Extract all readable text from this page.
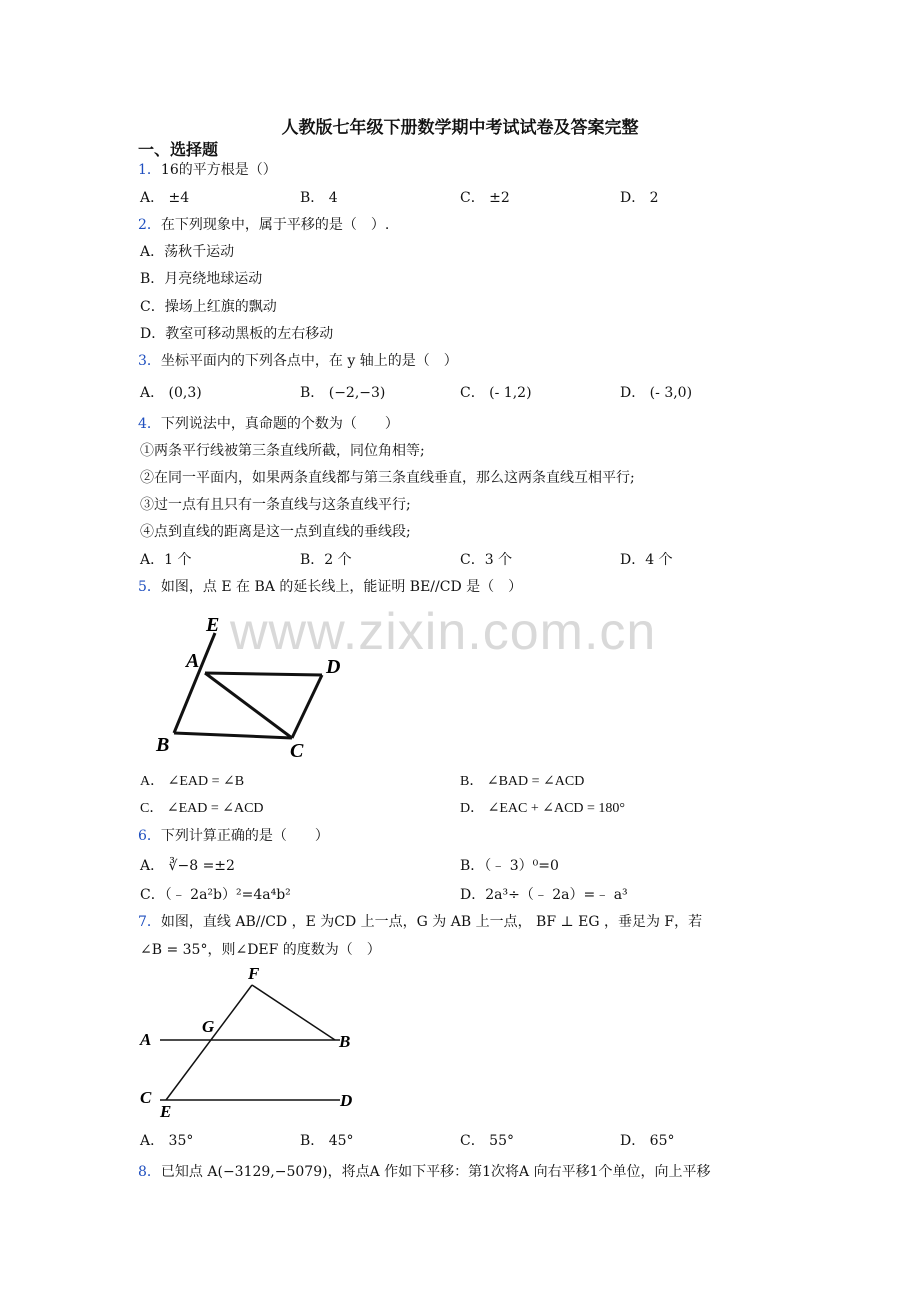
人教版七年级下册数学期中考试试卷及答案完整
一、选择题
www.zixin.com.cn
1．16的平方根是（）
A． ±4	B． 4	C． ±2	D． 2
2．在下列现象中，属于平移的是（　）.
A．荡秋千运动
B．月亮绕地球运动
C．操场上红旗的飘动
D．教室可移动黑板的左右移动
3．坐标平面内的下列各点中，在 y 轴上的是（　）
A． (0,3)	B． (−2,−3)	C． (- 1,2)	D． (- 3,0)
4．下列说法中，真命题的个数为（　　）
①两条平行线被第三条直线所截，同位角相等;
②在同一平面内，如果两条直线都与第三条直线垂直，那么这两条直线互相平行;
③过一点有且只有一条直线与这条直线平行;
④点到直线的距离是这一点到直线的垂线段;
A．1 个	B．2 个	C．3 个	D．4 个
5．如图，点 E 在 BA 的延长线上，能证明 BE//CD 是（　）
E
A	D
B	C
A． ∠EAD = ∠B	B． ∠BAD = ∠ACD
C． ∠EAD = ∠ACD	D． ∠EAC + ∠ACD = 180°
6．下列计算正确的是（　　）
A． ∛−8 =±2	B．（﹣ 3）⁰=0
C．（﹣ 2a²b）²=4a⁴b²	D．2a³÷（﹣ 2a）=﹣ a³
7．如图，直线 AB//CD ，E 为CD 上一点，G 为 AB 上一点， BF ⊥ EG ，垂足为 F，若
∠B = 35°，则∠DEF 的度数为（　）
F
G
A	B
C
E
D
A． 35°	B． 45°	C． 55°	D． 65°
8．已知点 A(−3129,−5079)，将点A 作如下平移：第1次将A 向右平移1个单位，向上平移
